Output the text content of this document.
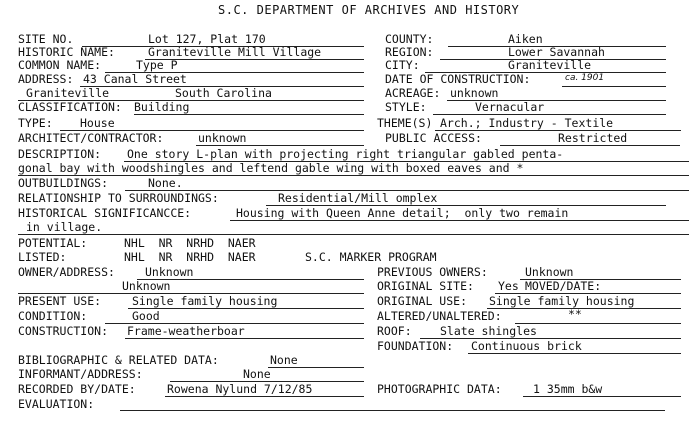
S.C. DEPARTMENT OF ARCHIVES AND HISTORY
SITE NO.	Lot 127, Plat 170	COUNTY:	Aiken
HISTORIC NAME:	Graniteville Mill Village	REGION:	Lower Savannah
COMMON NAME:	Type P	CITY:	Graniteville
ADDRESS: 43 Canal Street	DATE OF CONSTRUCTION:	ca. 1901
Graniteville	South Carolina	ACREAGE: unknown
CLASSIFICATION: Building	STYLE:	Vernacular
TYPE: House	THEME(S) Arch.; Industry - Textile
ARCHITECT/CONTRACTOR:	unknown	PUBLIC ACCESS:	Restricted
DESCRIPTION: One story L-plan with projecting right triangular gabled penta-
gonal bay with woodshingles and leftend gable wing with boxed eaves and *
OUTBUILDINGS:	None.
RELATIONSHIP TO SURROUNDINGS:	Residential/Mill omplex
HISTORICAL SIGNIFICANCCE:	Housing with Queen Anne detail;  only two remain
in village.
POTENTIAL:	NHL  NR  NRHD  NAER
LISTED:	NHL  NR  NRHD  NAER	S.C. MARKER PROGRAM
OWNER/ADDRESS:	Unknown	PREVIOUS OWNERS:	Unknown
Unknown	ORIGINAL SITE: Yes MOVED/DATE:
PRESENT USE:	Single family housing	ORIGINAL USE: Single family housing
CONDITION:	Good	ALTERED/UNALTERED:	**
CONSTRUCTION: Frame-weatherboar	ROOF: Slate shingles
FOUNDATION: Continuous brick
BIBLIOGRAPHIC & RELATED DATA:	None
INFORMANT/ADDRESS:	None
RECORDED BY/DATE:	Rowena Nylund 7/12/85	PHOTOGRAPHIC DATA:	1 35mm b&w
EVALUATION:
